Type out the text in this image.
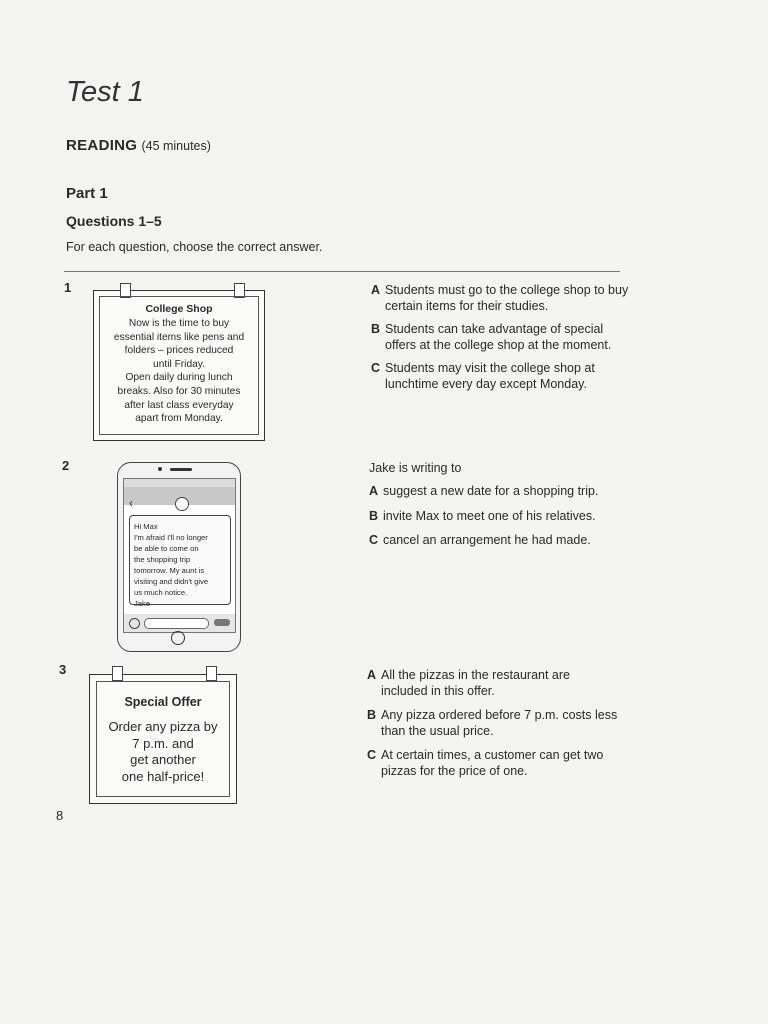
Test 1
READING (45 minutes)
Part 1
Questions 1–5
For each question, choose the correct answer.
1
College Shop
Now is the time to buy
essential items like pens and
folders – prices reduced
until Friday.
Open daily during lunch
breaks. Also for 30 minutes
after last class everyday
apart from Monday.
A Students must go to the college shop to buy certain items for their studies.
B Students can take advantage of special offers at the college shop at the moment.
C Students may visit the college shop at lunchtime every day except Monday.
2
‹
Hi Max
I'm afraid I'll no longer
be able to come on
the shopping trip
tomorrow. My aunt is
visiting and didn't give
us much notice.
Jake
Jake is writing to
A suggest a new date for a shopping trip.
B invite Max to meet one of his relatives.
C cancel an arrangement he had made.
3
Special Offer
Order any pizza by
7 p.m. and
get another
one half-price!
A All the pizzas in the restaurant are included in this offer.
B Any pizza ordered before 7 p.m. costs less than the usual price.
C At certain times, a customer can get two pizzas for the price of one.
8
